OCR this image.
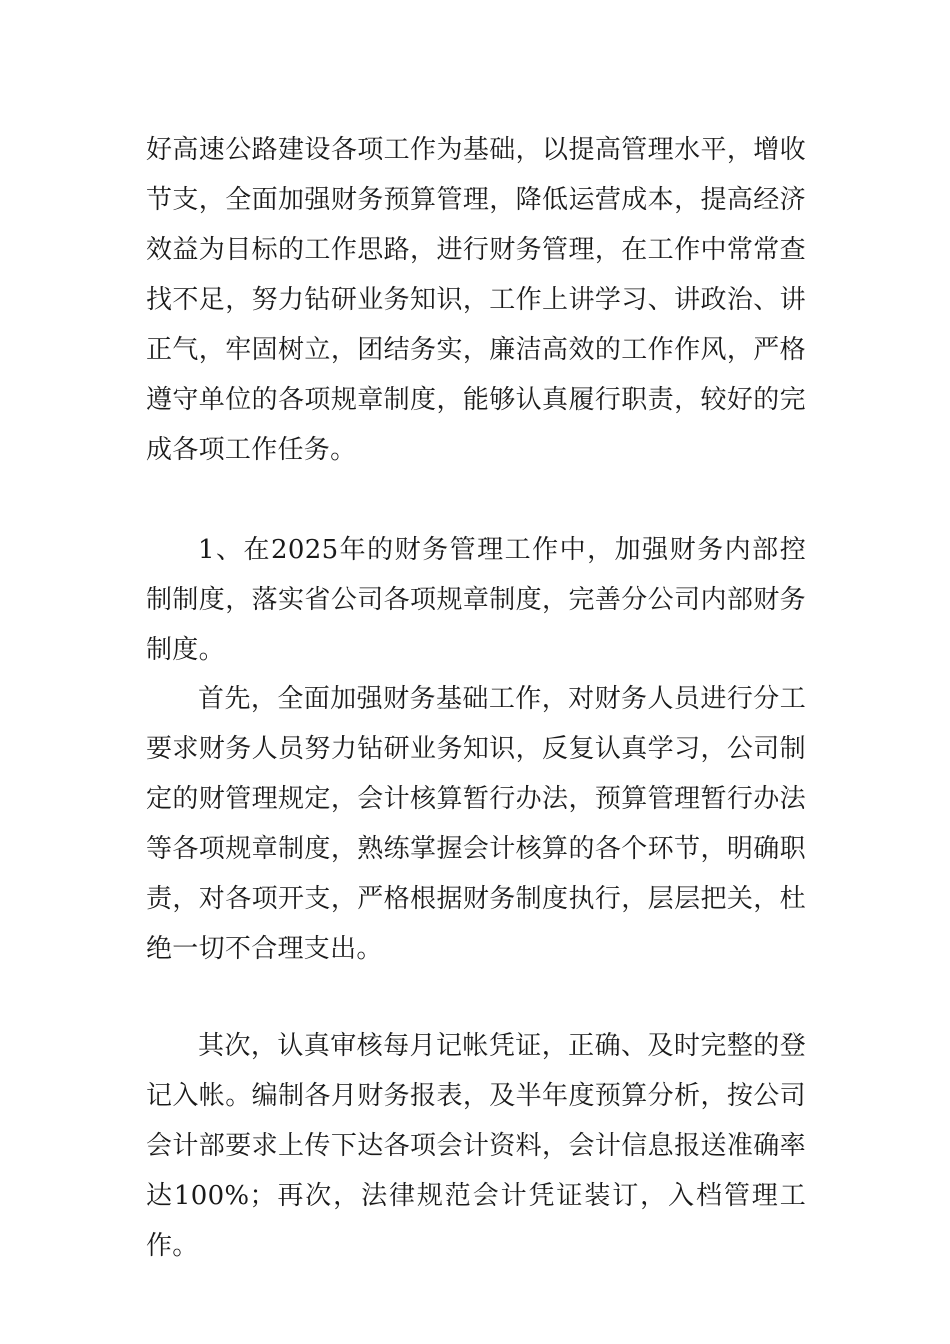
好高速公路建设各项工作为基础，以提高管理水平，增收节支，全面加强财务预算管理，降低运营成本，提高经济效益为目标的工作思路，进行财务管理，在工作中常常查找不足，努力钻研业务知识，工作上讲学习、讲政治、讲正气，牢固树立，团结务实，廉洁高效的工作作风，严格遵守单位的各项规章制度，能够认真履行职责，较好的完成各项工作任务。

1、在2025年的财务管理工作中，加强财务内部控制制度，落实省公司各项规章制度，完善分公司内部财务制度。

首先，全面加强财务基础工作，对财务人员进行分工要求财务人员努力钻研业务知识，反复认真学习，公司制定的财管理规定，会计核算暂行办法，预算管理暂行办法等各项规章制度，熟练掌握会计核算的各个环节，明确职责，对各项开支，严格根据财务制度执行，层层把关，杜绝一切不合理支出。

其次，认真审核每月记帐凭证，正确、及时完整的登记入帐。编制各月财务报表，及半年度预算分析，按公司会计部要求上传下达各项会计资料，会计信息报送准确率达100%；再次，法律规范会计凭证装订，入档管理工作。
